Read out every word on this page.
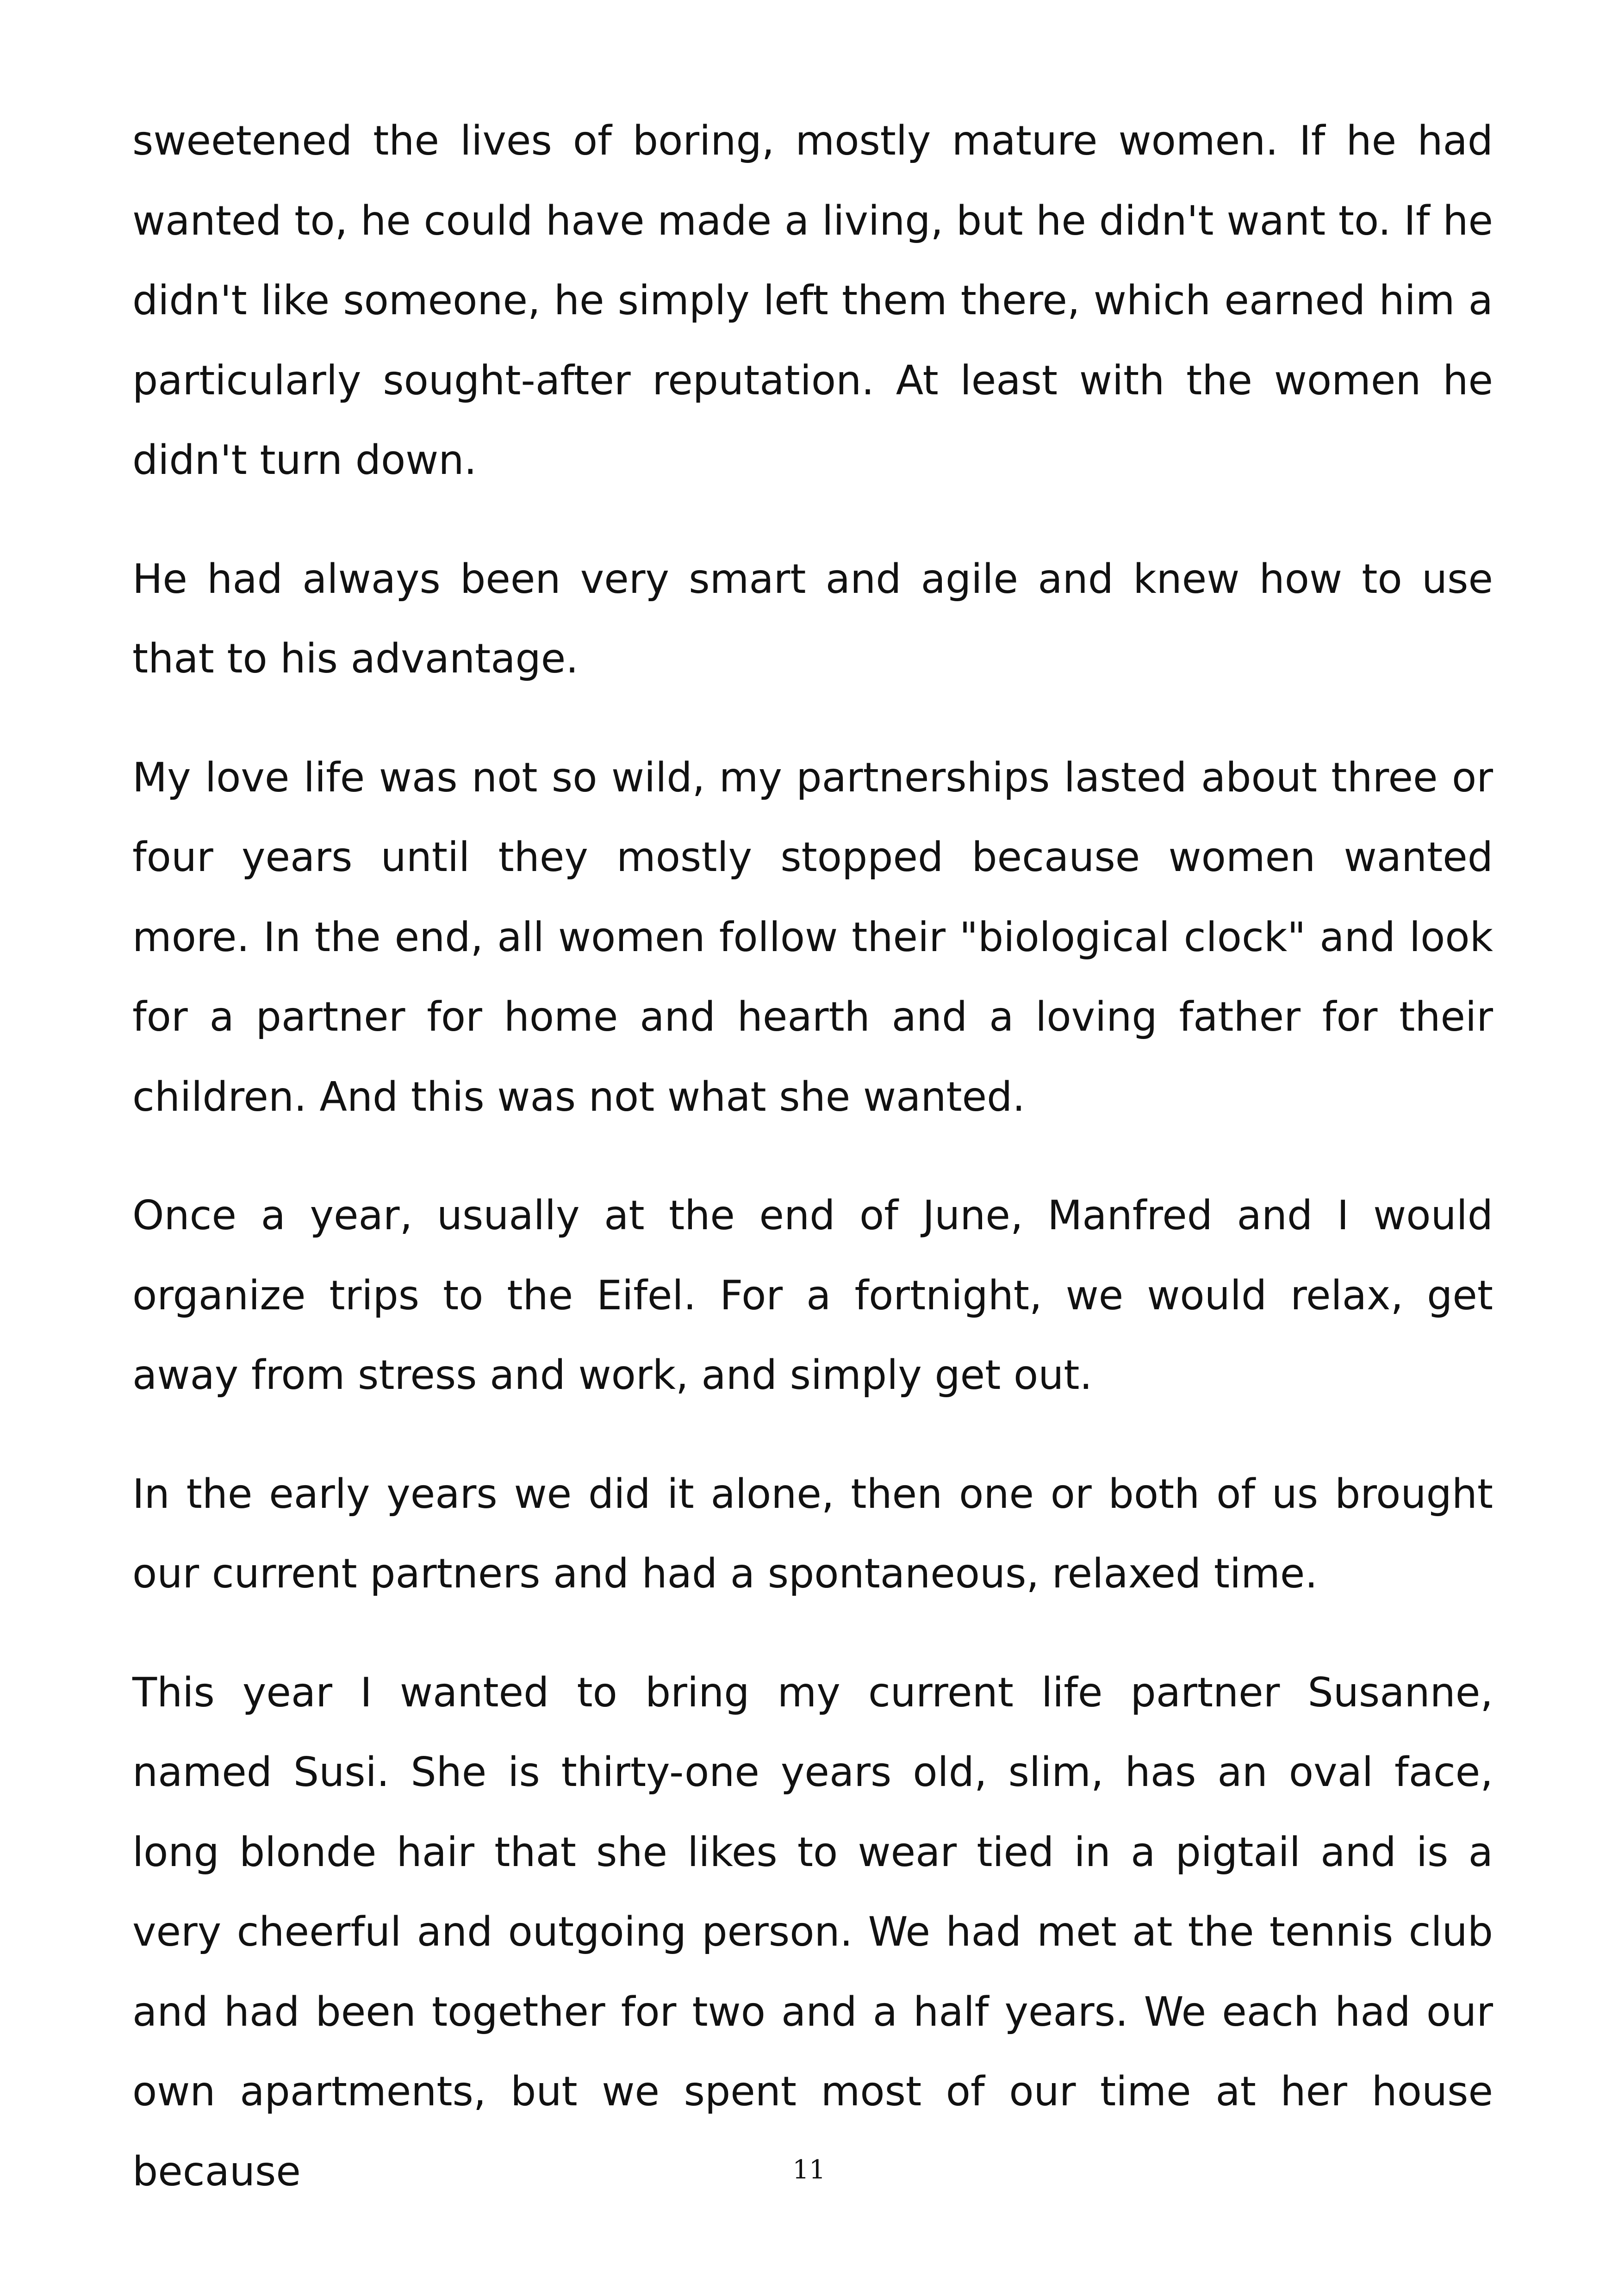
sweetened the lives of boring, mostly mature women. If he had wanted to, he could have made a living, but he didn't want to. If he didn't like someone, he simply left them there, which earned him a particularly sought-after reputation. At least with the women he didn't turn down.

He had always been very smart and agile and knew how to use that to his advantage.

My love life was not so wild, my partnerships lasted about three or four years until they mostly stopped because women wanted more. In the end, all women follow their "biological clock" and look for a partner for home and hearth and a loving father for their children. And this was not what she wanted.

Once a year, usually at the end of June, Manfred and I would organize trips to the Eifel. For a fortnight, we would relax, get away from stress and work, and simply get out.

In the early years we did it alone, then one or both of us brought our current partners and had a spontaneous, relaxed time.

This year I wanted to bring my current life partner Susanne, named Susi. She is thirty-one years old, slim, has an oval face, long blonde hair that she likes to wear tied in a pigtail and is a very cheerful and outgoing person. We had met at the tennis club and had been together for two and a half years. We each had our own apartments, but we spent most of our time at her house because	11
